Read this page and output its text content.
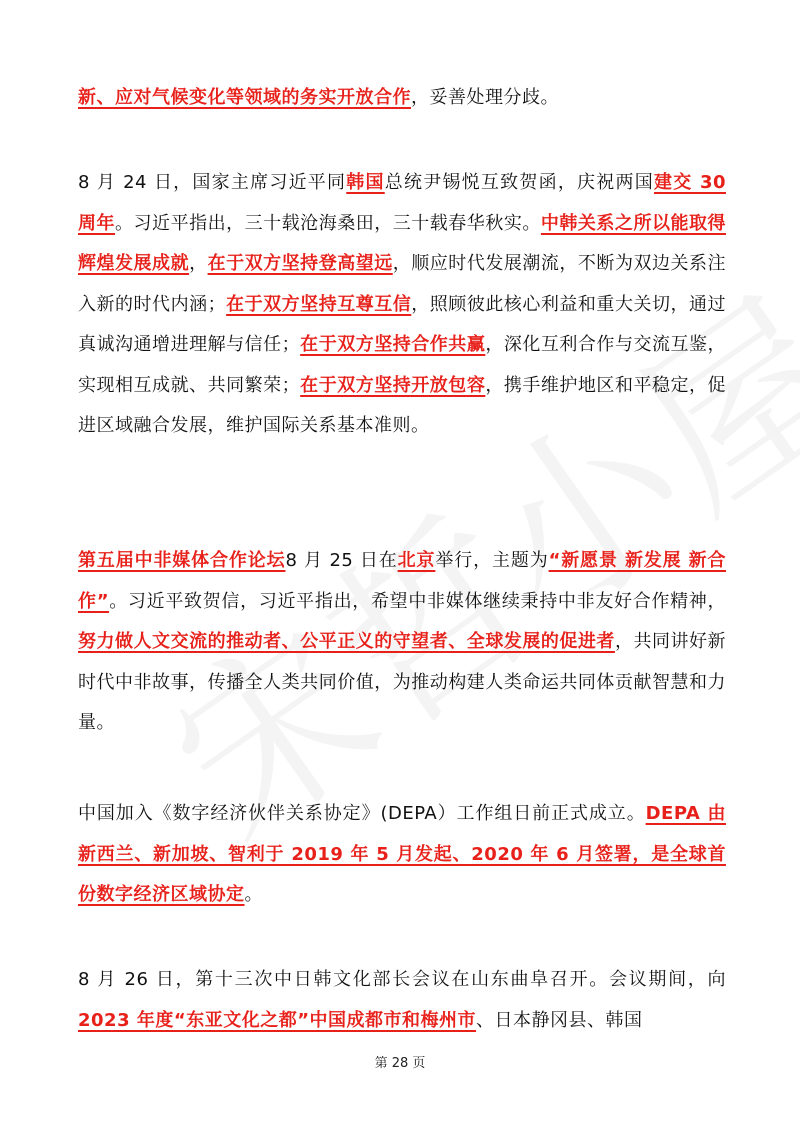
新、应对气候变化等领域的务实开放合作，妥善处理分歧。
8 月 24 日，国家主席习近平同韩国总统尹锡悦互致贺函，庆祝两国建交 30 周年。习近平指出，三十载沧海桑田，三十载春华秋实。中韩关系之所以能取得辉煌发展成就，在于双方坚持登高望远，顺应时代发展潮流，不断为双边关系注入新的时代内涵；在于双方坚持互尊互信，照顾彼此核心利益和重大关切，通过真诚沟通增进理解与信任；在于双方坚持合作共赢，深化互利合作与交流互鉴，实现相互成就、共同繁荣；在于双方坚持开放包容，携手维护地区和平稳定，促进区域融合发展，维护国际关系基本准则。
第五届中非媒体合作论坛8 月 25 日在北京举行，主题为“新愿景 新发展 新合作”。习近平致贺信，习近平指出，希望中非媒体继续秉持中非友好合作精神，努力做人文交流的推动者、公平正义的守望者、全球发展的促进者，共同讲好新时代中非故事，传播全人类共同价值，为推动构建人类命运共同体贡献智慧和力量。
中国加入《数字经济伙伴关系协定》(DEPA）工作组日前正式成立。DEPA 由新西兰、新加坡、智利于 2019 年 5 月发起、2020 年 6 月签署，是全球首份数字经济区域协定。
8 月 26 日，第十三次中日韩文化部长会议在山东曲阜召开。会议期间，向2023 年度“东亚文化之都”中国成都市和梅州市、日本静冈县、韩国
第 28 页
